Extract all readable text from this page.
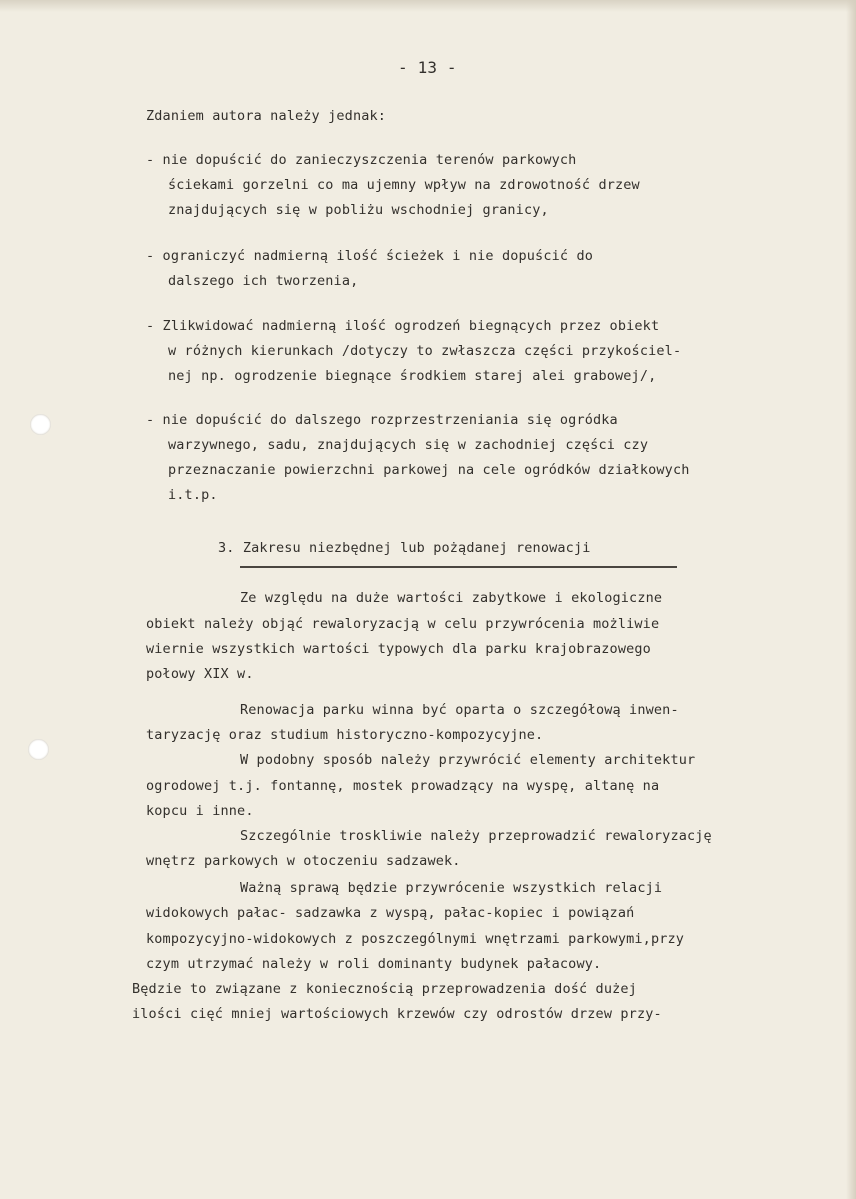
- 13 -
Zdaniem autora należy jednak:
- nie dopuścić do zanieczyszczenia terenów parkowych
ściekami gorzelni co ma ujemny wpływ na zdrowotność drzew
znajdujących się w pobliżu wschodniej granicy,
- ograniczyć nadmierną ilość ścieżek i nie dopuścić do
dalszego ich tworzenia,
- Zlikwidować nadmierną ilość ogrodzeń biegnących przez obiekt
w różnych kierunkach /dotyczy to zwłaszcza części przykościel-
nej np. ogrodzenie biegnące środkiem starej alei grabowej/,
- nie dopuścić do dalszego rozprzestrzeniania się ogródka
warzywnego, sadu, znajdujących się w zachodniej części czy
przeznaczanie powierzchni parkowej na cele ogródków działkowych
i.t.p.
3. Zakresu niezbędnej lub pożądanej renowacji
Ze względu na duże wartości zabytkowe i ekologiczne
obiekt należy objąć rewaloryzacją w celu przywrócenia możliwie
wiernie wszystkich wartości typowych dla parku krajobrazowego
połowy XIX w.
Renowacja parku winna być oparta o szczegółową inwen-
taryzację oraz studium historyczno-kompozycyjne.
W podobny sposób należy przywrócić elementy architektur
ogrodowej t.j. fontannę, mostek prowadzący na wyspę, altanę na
kopcu i inne.
Szczególnie troskliwie należy przeprowadzić rewaloryzację
wnętrz parkowych w otoczeniu sadzawek.
Ważną sprawą będzie przywrócenie wszystkich relacji
widokowych pałac- sadzawka z wyspą, pałac-kopiec i powiązań
kompozycyjno-widokowych z poszczególnymi wnętrzami parkowymi,przy
czym utrzymać należy w roli dominanty budynek pałacowy.
Będzie to związane z koniecznością przeprowadzenia dość dużej
ilości cięć mniej wartościowych krzewów czy odrostów drzew przy-
